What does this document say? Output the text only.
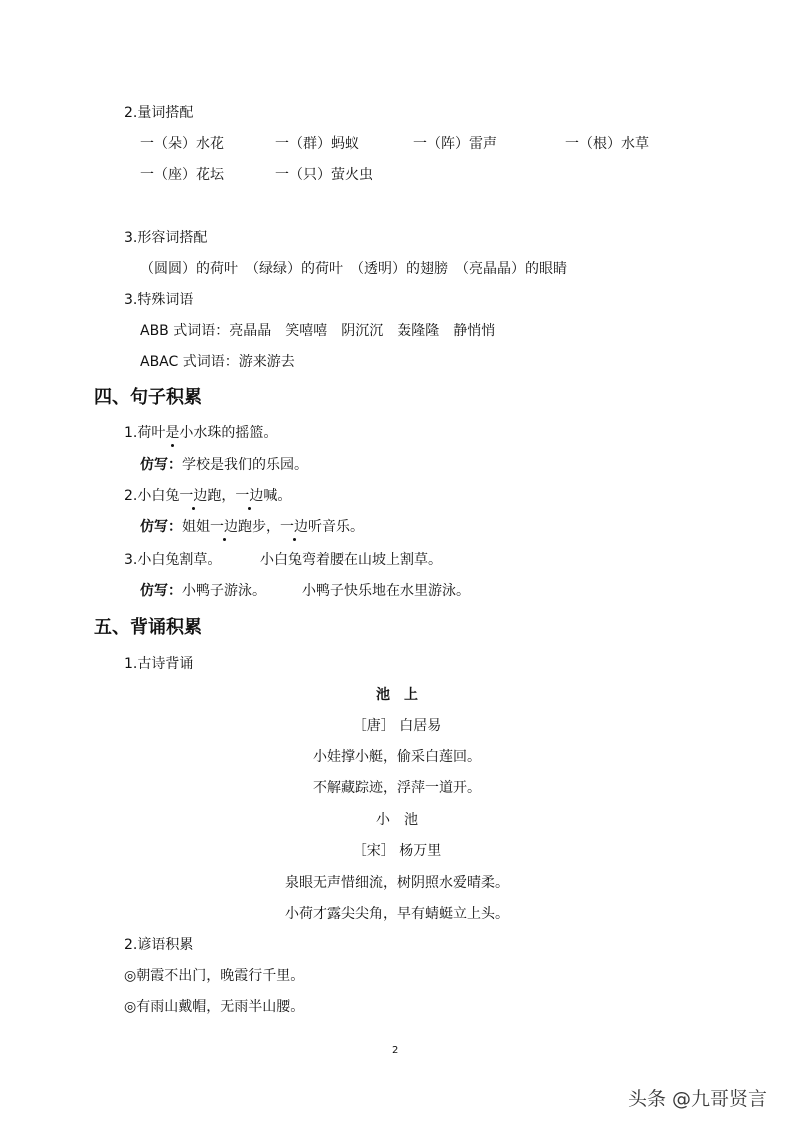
2.量词搭配
一（朵）水花	一（群）蚂蚁	一（阵）雷声	一（根）水草
一（座）花坛	一（只）萤火虫
3.形容词搭配
（圆圆）的荷叶　（绿绿）的荷叶　（透明）的翅膀　（亮晶晶）的眼睛
3.特殊词语
ABB 式词语：亮晶晶　笑嘻嘻　阴沉沉　轰隆隆　静悄悄
ABAC 式词语：游来游去
四、句子积累
1.荷叶是小水珠的摇篮。
仿写：学校是我们的乐园。
2.小白兔一边跑，一边喊。
仿写：姐姐一边跑步，一边听音乐。
3.小白兔割草。	小白兔弯着腰在山坡上割草。
仿写：小鸭子游泳。	小鸭子快乐地在水里游泳。
五、背诵积累
1.古诗背诵
池　上
［唐］ 白居易
小娃撑小艇，偷采白莲回。
不解藏踪迹，浮萍一道开。
小　池
［宋］ 杨万里
泉眼无声惜细流，树阴照水爱晴柔。
小荷才露尖尖角，早有蜻蜓立上头。
2.谚语积累
◎朝霞不出门，晚霞行千里。
◎有雨山戴帽，无雨半山腰。
2
头条 @九哥贤言
